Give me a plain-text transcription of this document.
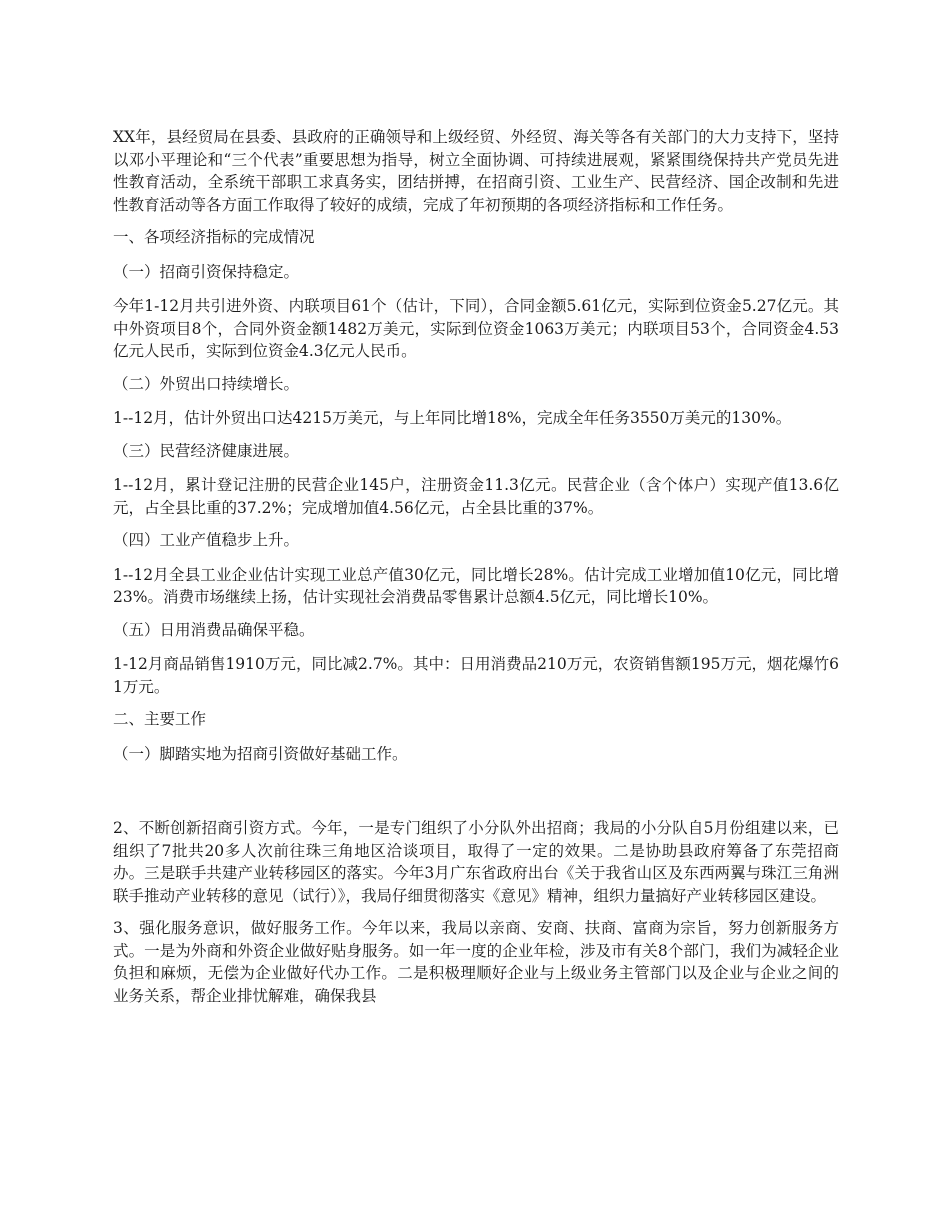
XX年，县经贸局在县委、县政府的正确领导和上级经贸、外经贸、海关等各有关部门的大力支持下，坚持以邓小平理论和“三个代表”重要思想为指导，树立全面协调、可持续进展观，紧紧围绕保持共产党员先进性教育活动，全系统干部职工求真务实，团结拼搏，在招商引资、工业生产、民营经济、国企改制和先进性教育活动等各方面工作取得了较好的成绩，完成了年初预期的各项经济指标和工作任务。

一、各项经济指标的完成情况

（一）招商引资保持稳定。

今年1-12月共引进外资、内联项目61个（估计，下同），合同金额5.61亿元，实际到位资金5.27亿元。其中外资项目8个，合同外资金额1482万美元，实际到位资金1063万美元；内联项目53个，合同资金4.53亿元人民币，实际到位资金4.3亿元人民币。

（二）外贸出口持续增长。

1--12月，估计外贸出口达4215万美元，与上年同比增18%，完成全年任务3550万美元的130%。

（三）民营经济健康进展。

1--12月，累计登记注册的民营企业145户，注册资金11.3亿元。民营企业（含个体户）实现产值13.6亿元，占全县比重的37.2%；完成增加值4.56亿元，占全县比重的37%。

（四）工业产值稳步上升。

1--12月全县工业企业估计实现工业总产值30亿元，同比增长28%。估计完成工业增加值10亿元，同比增23%。消费市场继续上扬，估计实现社会消费品零售累计总额4.5亿元，同比增长10%。

（五）日用消费品确保平稳。

1-12月商品销售1910万元，同比减2.7%。其中：日用消费品210万元，农资销售额195万元，烟花爆竹61万元。

二、主要工作

（一）脚踏实地为招商引资做好基础工作。

2、不断创新招商引资方式。今年，一是专门组织了小分队外出招商；我局的小分队自5月份组建以来，已组织了7批共20多人次前往珠三角地区洽谈项目，取得了一定的效果。二是协助县政府筹备了东莞招商办。三是联手共建产业转移园区的落实。今年3月广东省政府出台《关于我省山区及东西两翼与珠江三角洲联手推动产业转移的意见（试行）》，我局仔细贯彻落实《意见》精神，组织力量搞好产业转移园区建设。

3、强化服务意识，做好服务工作。今年以来，我局以亲商、安商、扶商、富商为宗旨，努力创新服务方式。一是为外商和外资企业做好贴身服务。如一年一度的企业年检，涉及市有关8个部门，我们为减轻企业负担和麻烦，无偿为企业做好代办工作。二是积极理顺好企业与上级业务主管部门以及企业与企业之间的业务关系，帮企业排忧解难，确保我县
